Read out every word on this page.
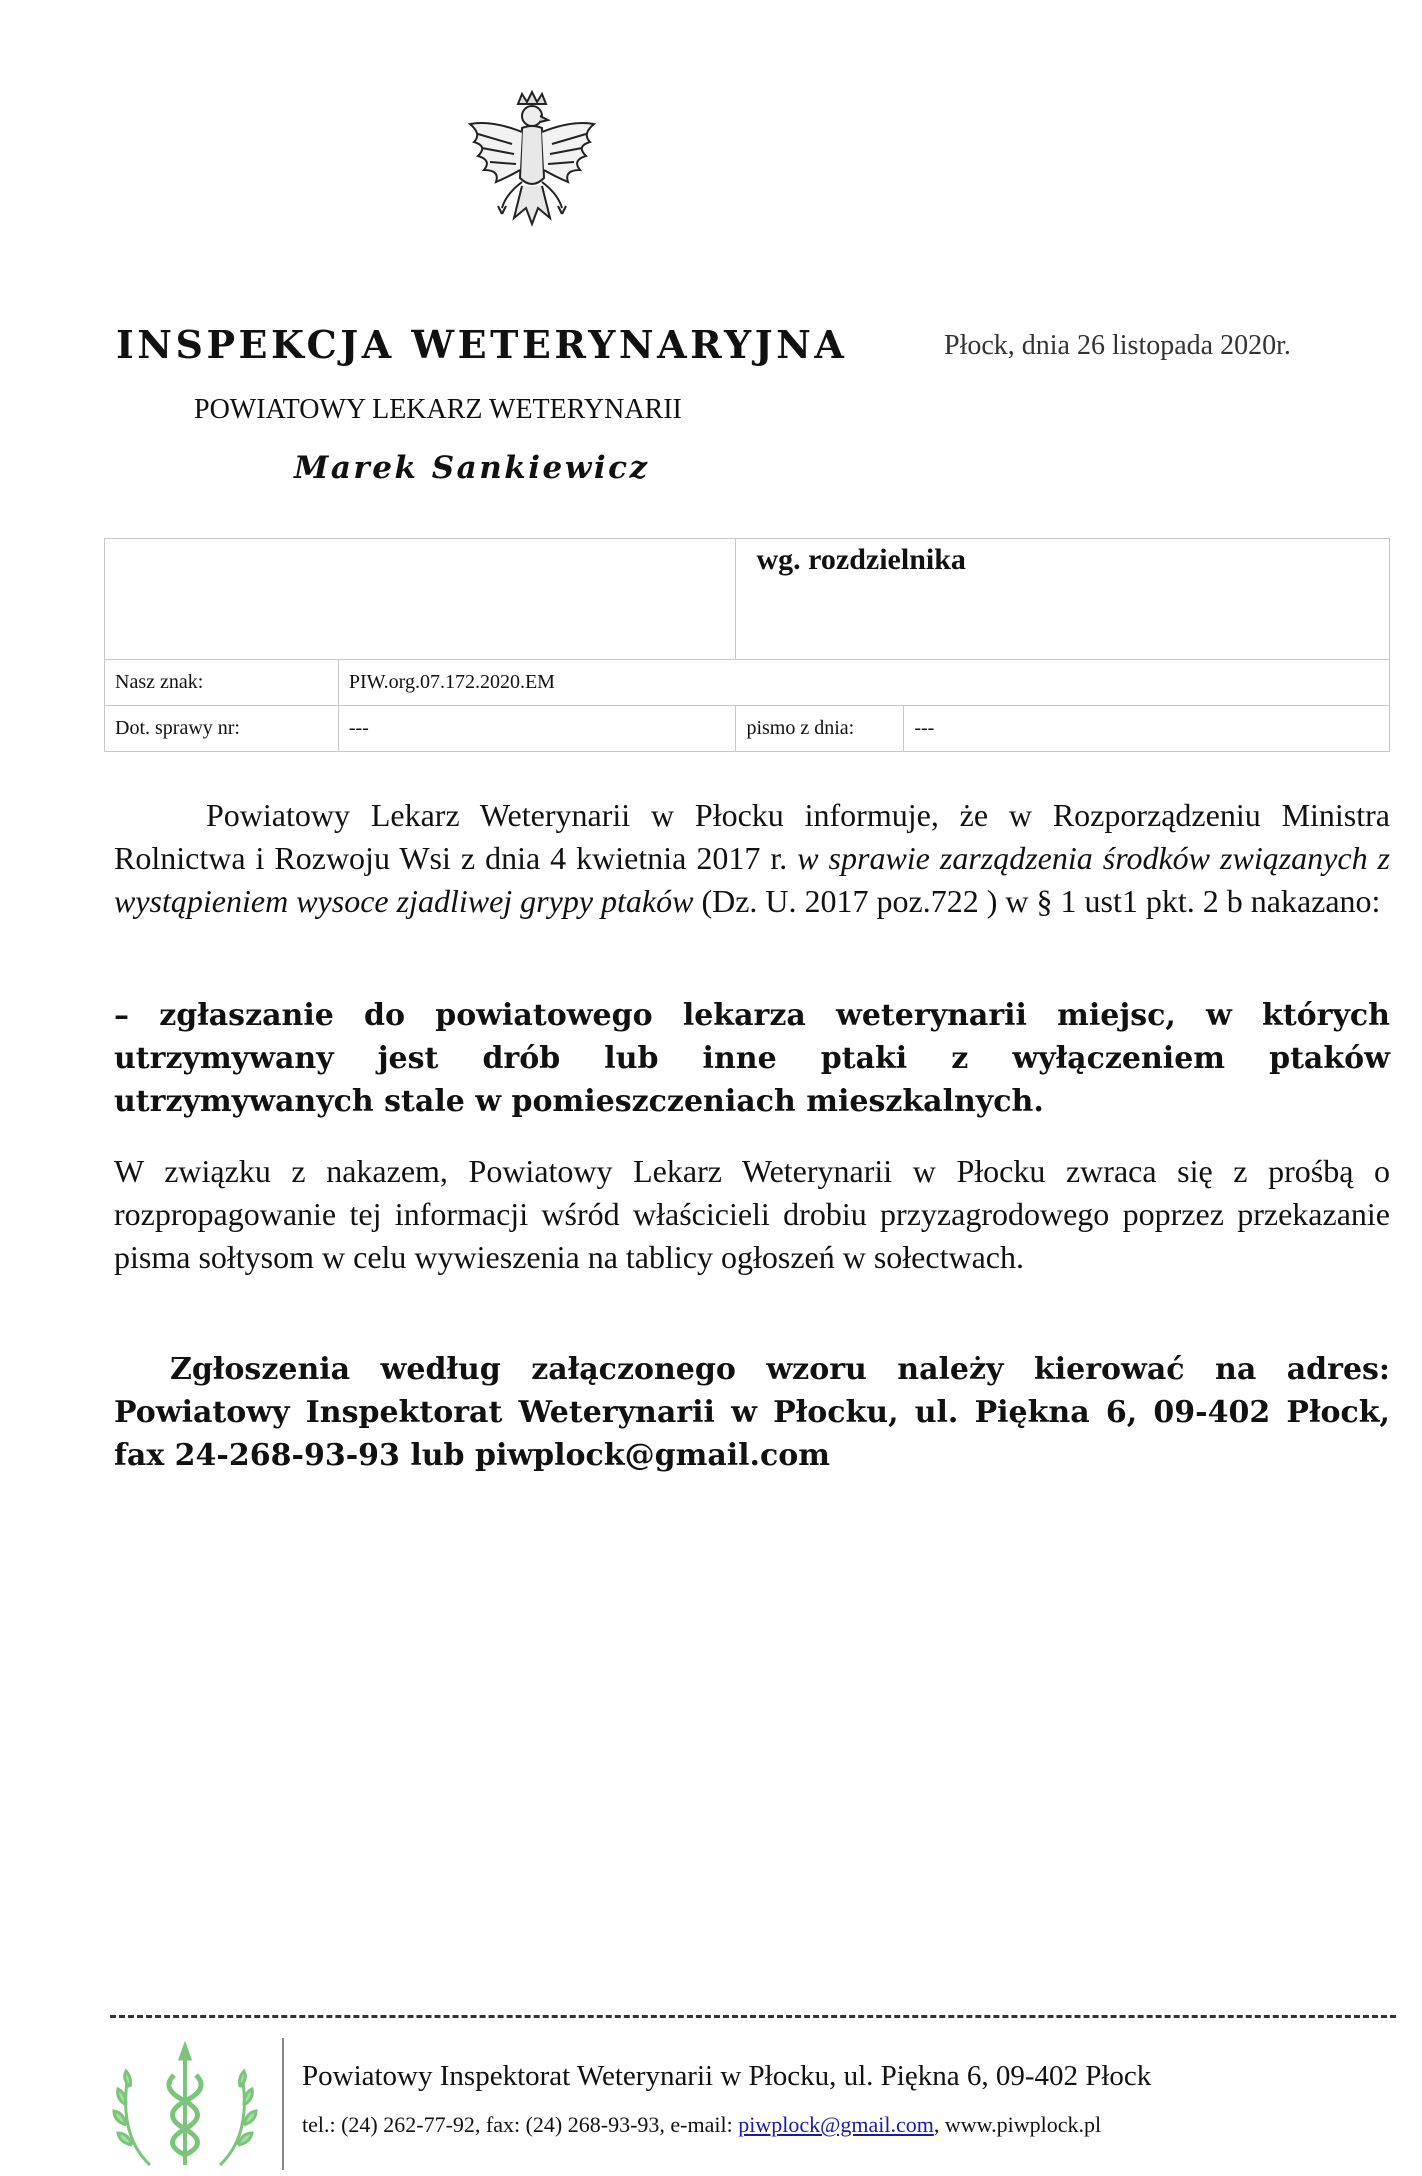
INSPEKCJA WETERYNARYJNA	Płock, dnia 26 listopada 2020r.
POWIATOWY LEKARZ WETERYNARII
Marek Sankiewicz
		wg. rozdzielnika	
Nasz znak:	PIW.org.07.172.2020.EM		
Dot. sprawy nr:	---	pismo z dnia:	---
Powiatowy Lekarz Weterynarii w Płocku informuje, że w Rozporządzeniu Ministra Rolnictwa i Rozwoju Wsi z dnia 4 kwietnia 2017 r. w sprawie zarządzenia środków związanych z wystąpieniem wysoce zjadliwej grypy ptaków (Dz. U. 2017 poz.722 ) w § 1 ust1 pkt. 2 b nakazano:
– zgłaszanie do powiatowego lekarza weterynarii miejsc, w których utrzymywany jest drób lub inne ptaki z wyłączeniem ptaków utrzymywanych stale w pomieszczeniach mieszkalnych.
W związku z nakazem, Powiatowy Lekarz Weterynarii w Płocku zwraca się z prośbą o rozpropagowanie tej informacji wśród właścicieli drobiu przyzagrodowego poprzez przekazanie pisma sołtysom w celu wywieszenia na tablicy ogłoszeń w sołectwach.
Zgłoszenia według załączonego wzoru należy kierować na adres: Powiatowy Inspektorat Weterynarii w Płocku, ul. Piękna 6, 09-402 Płock, fax 24-268-93-93 lub piwplock@gmail.com
Powiatowy Inspektorat Weterynarii w Płocku, ul. Piękna 6, 09-402 Płock
tel.: (24) 262-77-92, fax: (24) 268-93-93, e-mail: piwplock@gmail.com, www.piwplock.pl
